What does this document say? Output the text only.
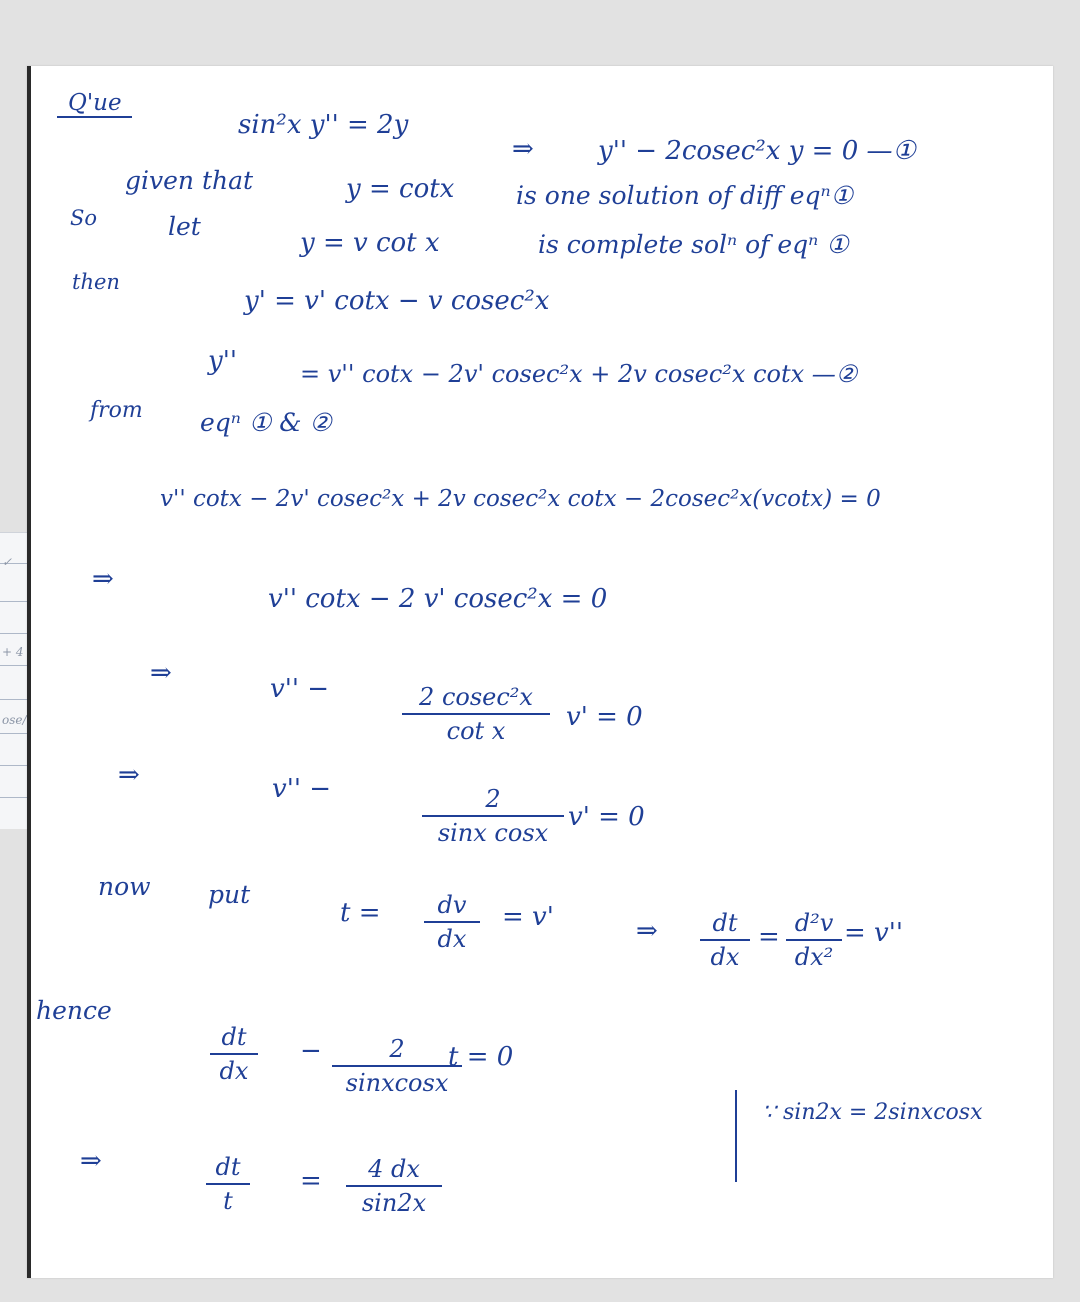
✓
+ 4
ose/
Q'ue
sin²x y'' = 2y
⇒ y'' − 2cosec²x y = 0 —①
given that	y = cotx is one solution of diff eqⁿ①
So	let
y = v cot x	is complete solⁿ of eqⁿ ①
then
y' = v' cotx − v cosec²x
y''	= v'' cotx − 2v' cosec²x + 2v cosec²x cotx —②
from eqⁿ ① & ②
v'' cotx − 2v' cosec²x + 2v cosec²x cotx − 2cosec²x(vcotx) = 0
⇒
v'' cotx − 2 v' cosec²x = 0
⇒
v'' −	2 cosec²x
cot x	v' = 0
⇒	v'' −	2
sinx cosx
v' = 0
now put
t =	dv
dx
= v'	⇒	dt
dx
= d²v
dx²
= v''
hence
dt
dx
−	2
sinxcosx
t = 0
∵ sin2x = 2sinxcosx
⇒	dt
t
=	4 dx
sin2x
